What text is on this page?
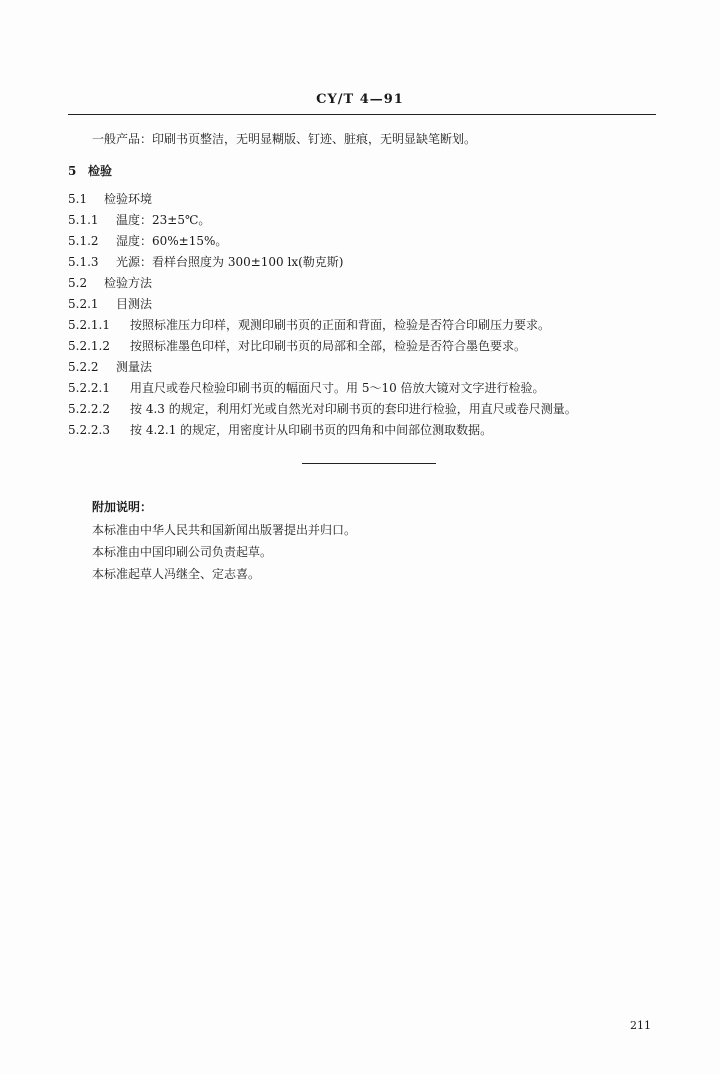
CY/T 4—91
一般产品：印刷书页整洁，无明显糊版、钉迹、脏痕，无明显缺笔断划。
5 检验
5.1 检验环境
5.1.1 温度：23±5℃。
5.1.2 湿度：60%±15%。
5.1.3 光源：看样台照度为 300±100 lx(勒克斯)
5.2 检验方法
5.2.1 目测法
5.2.1.1 按照标准压力印样，观测印刷书页的正面和背面，检验是否符合印刷压力要求。
5.2.1.2 按照标准墨色印样，对比印刷书页的局部和全部，检验是否符合墨色要求。
5.2.2 测量法
5.2.2.1 用直尺或卷尺检验印刷书页的幅面尺寸。用 5～10 倍放大镜对文字进行检验。
5.2.2.2 按 4.3 的规定，利用灯光或自然光对印刷书页的套印进行检验，用直尺或卷尺测量。
5.2.2.3 按 4.2.1 的规定，用密度计从印刷书页的四角和中间部位测取数据。
附加说明：
本标准由中华人民共和国新闻出版署提出并归口。
本标准由中国印刷公司负责起草。
本标准起草人冯继全、定志喜。
211
